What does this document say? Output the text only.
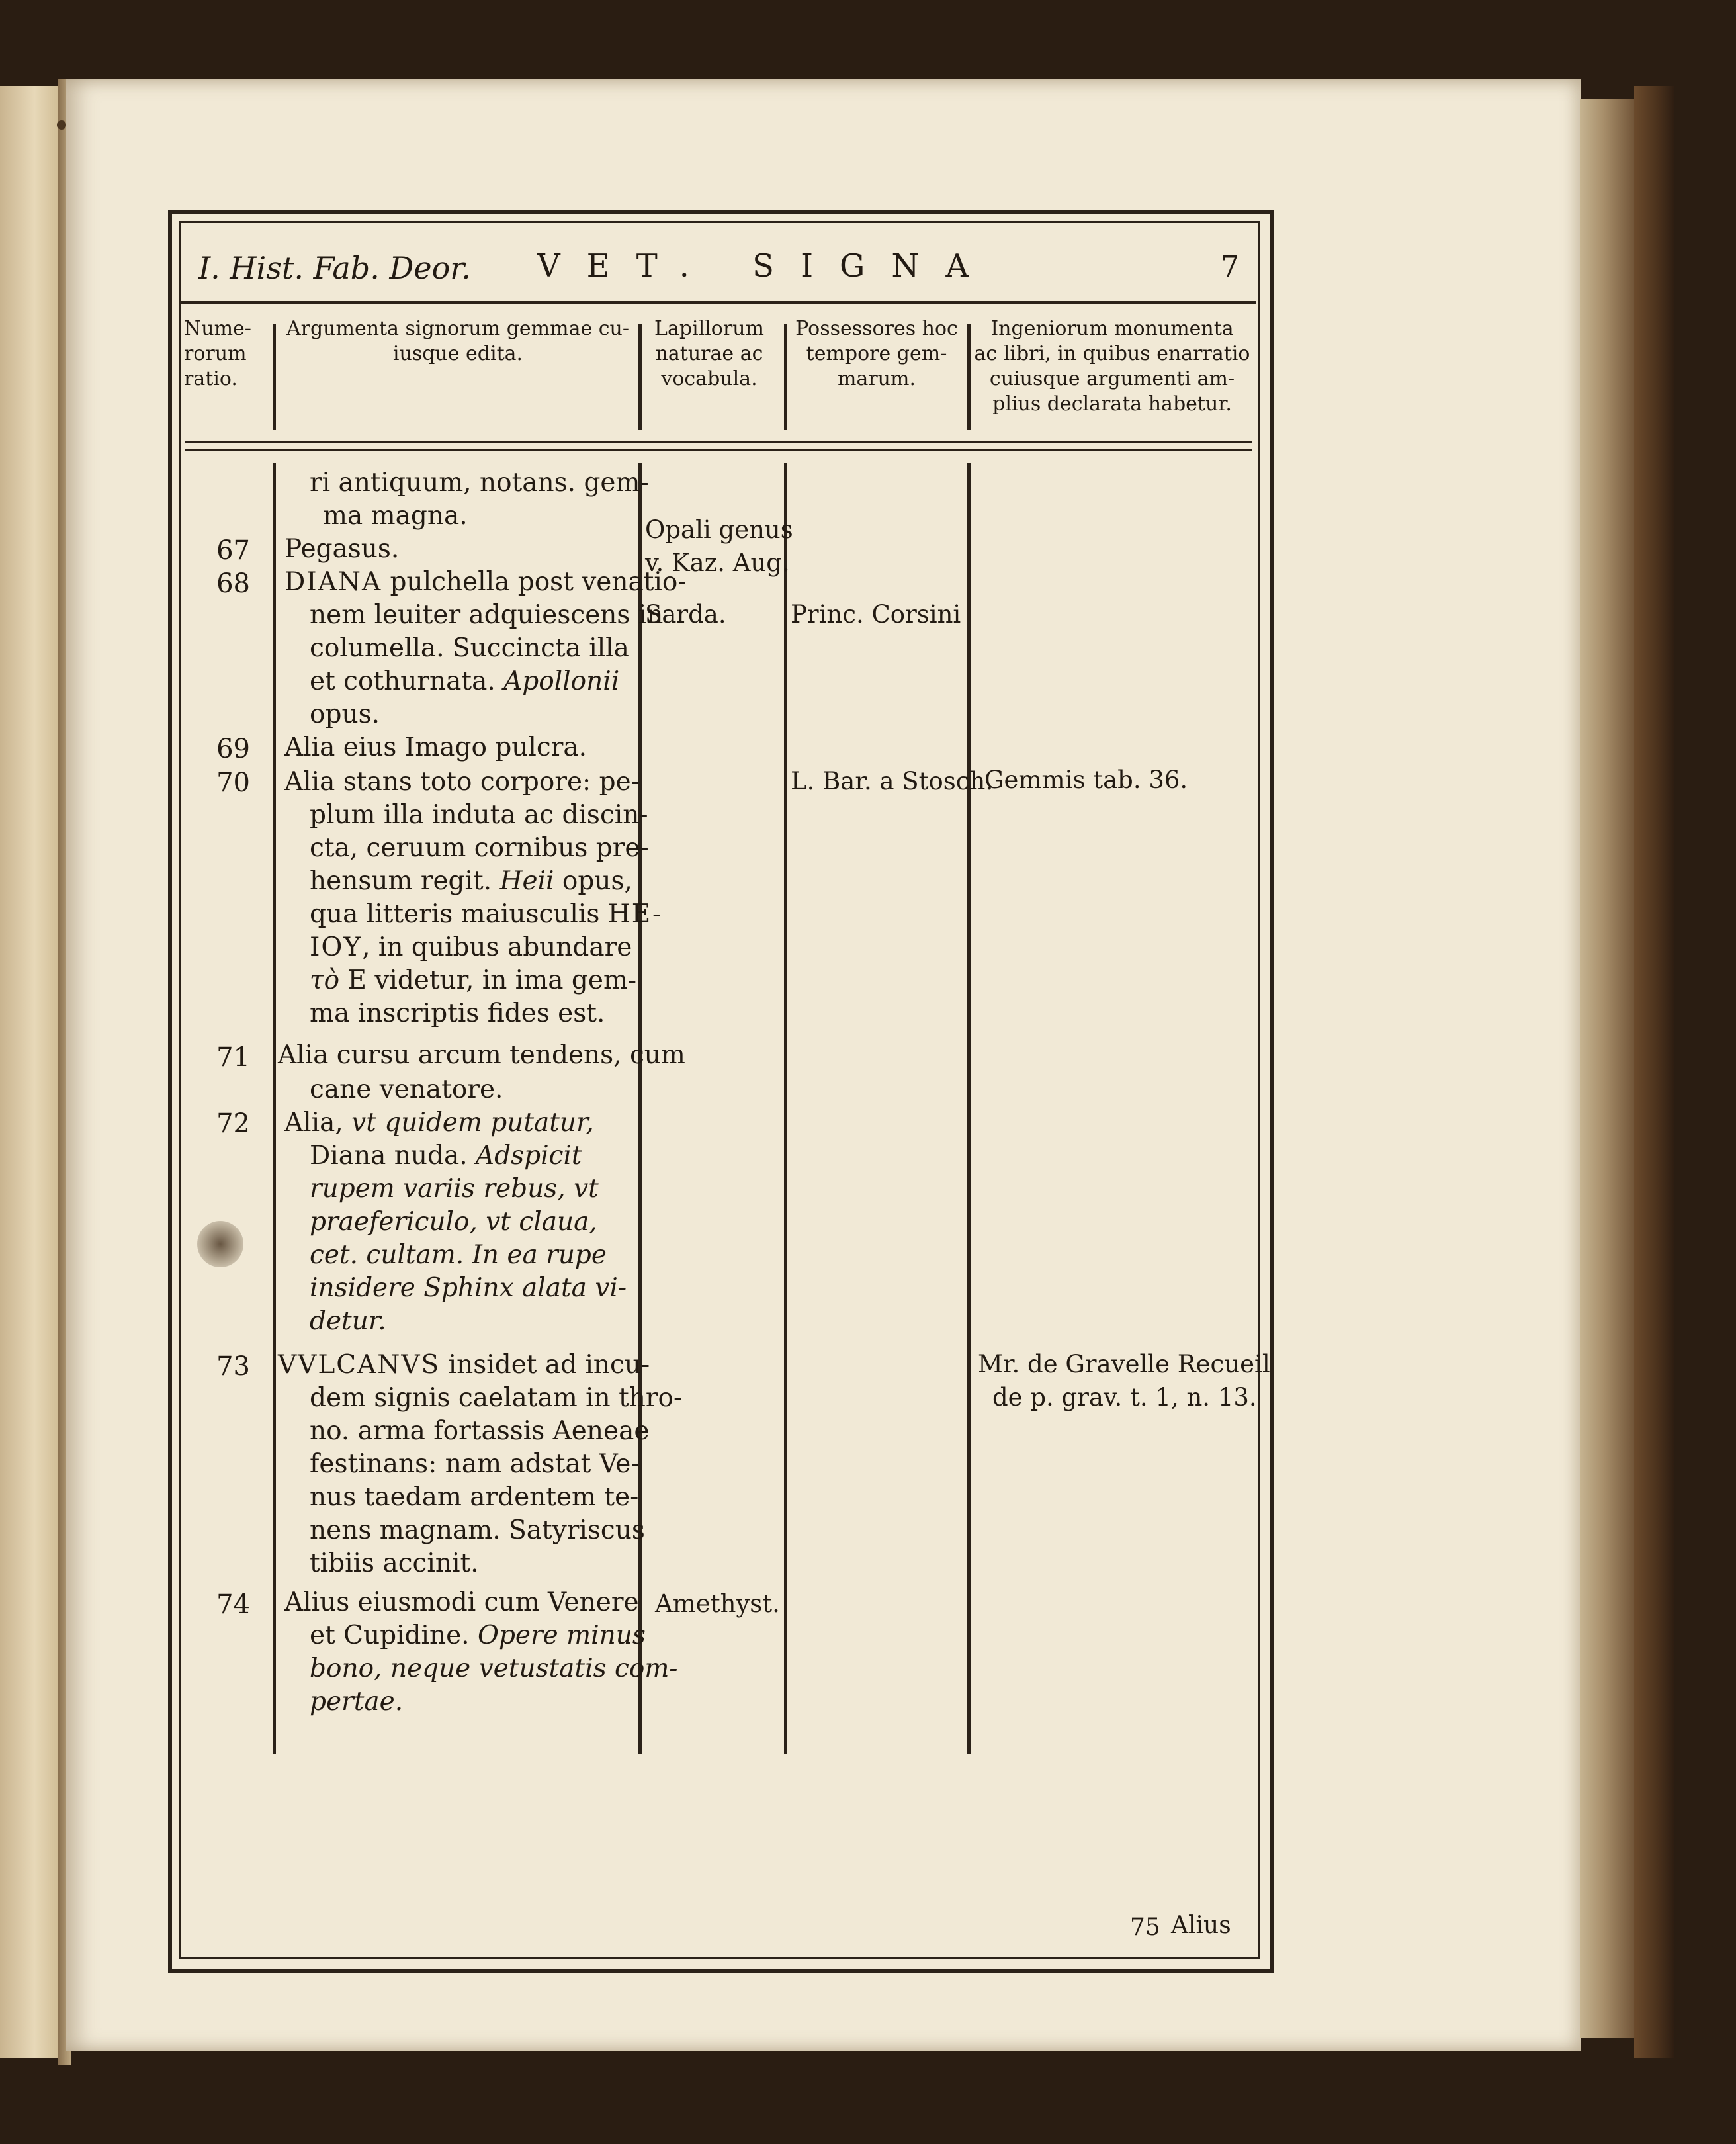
I. Hist. Fab. Deor. VET. SIGNA	7
Nume-
rorum
ratio.
Argumenta signorum gemmae cu-
iusque edita.
Lapillorum
naturae ac
vocabula.
Possessores hoc
tempore gem-
marum.
Ingeniorum monumenta
ac libri, in quibus enarratio
cuiusque argumenti am-
plius declarata habetur.
67
68
69
70
71
72
73
74
ri antiquum, notans. gem-
ma magna.
Pegasus.
DIANA pulchella post venatio-
nem leuiter adquiescens in
columella. Succincta illa
et cothurnata. Apollonii
opus.
Alia eius Imago pulcra.
Alia stans toto corpore: pe-
plum illa induta ac discin-
cta, ceruum cornibus pre-
hensum regit. Heii opus,
qua litteris maiusculis HE-
IOY, in quibus abundare
τὸ E videtur, in ima gem-
ma inscriptis fides est.
Alia cursu arcum tendens, cum
cane venatore.
Alia, vt quidem putatur,
Diana nuda. Adspicit
rupem variis rebus, vt
praefericulo, vt claua,
cet. cultam. In ea rupe
insidere Sphinx alata vi-
detur.
VVLCANVS insidet ad incu-
dem signis caelatam in thro-
no. arma fortassis Aeneae
festinans: nam adstat Ve-
nus taedam ardentem te-
nens magnam. Satyriscus
tibiis accinit.
Alius eiusmodi cum Venere
et Cupidine. Opere minus
bono, neque vetustatis com-
pertae.
Opali genus
v. Kaz. Aug.
Sarda.
Amethyst.
Princ. Corsini
L. Bar. a Stosch.
Gemmis tab. 36.
Mr. de Gravelle Recueil
de p. grav. t. 1, n. 13.
75 Alius
